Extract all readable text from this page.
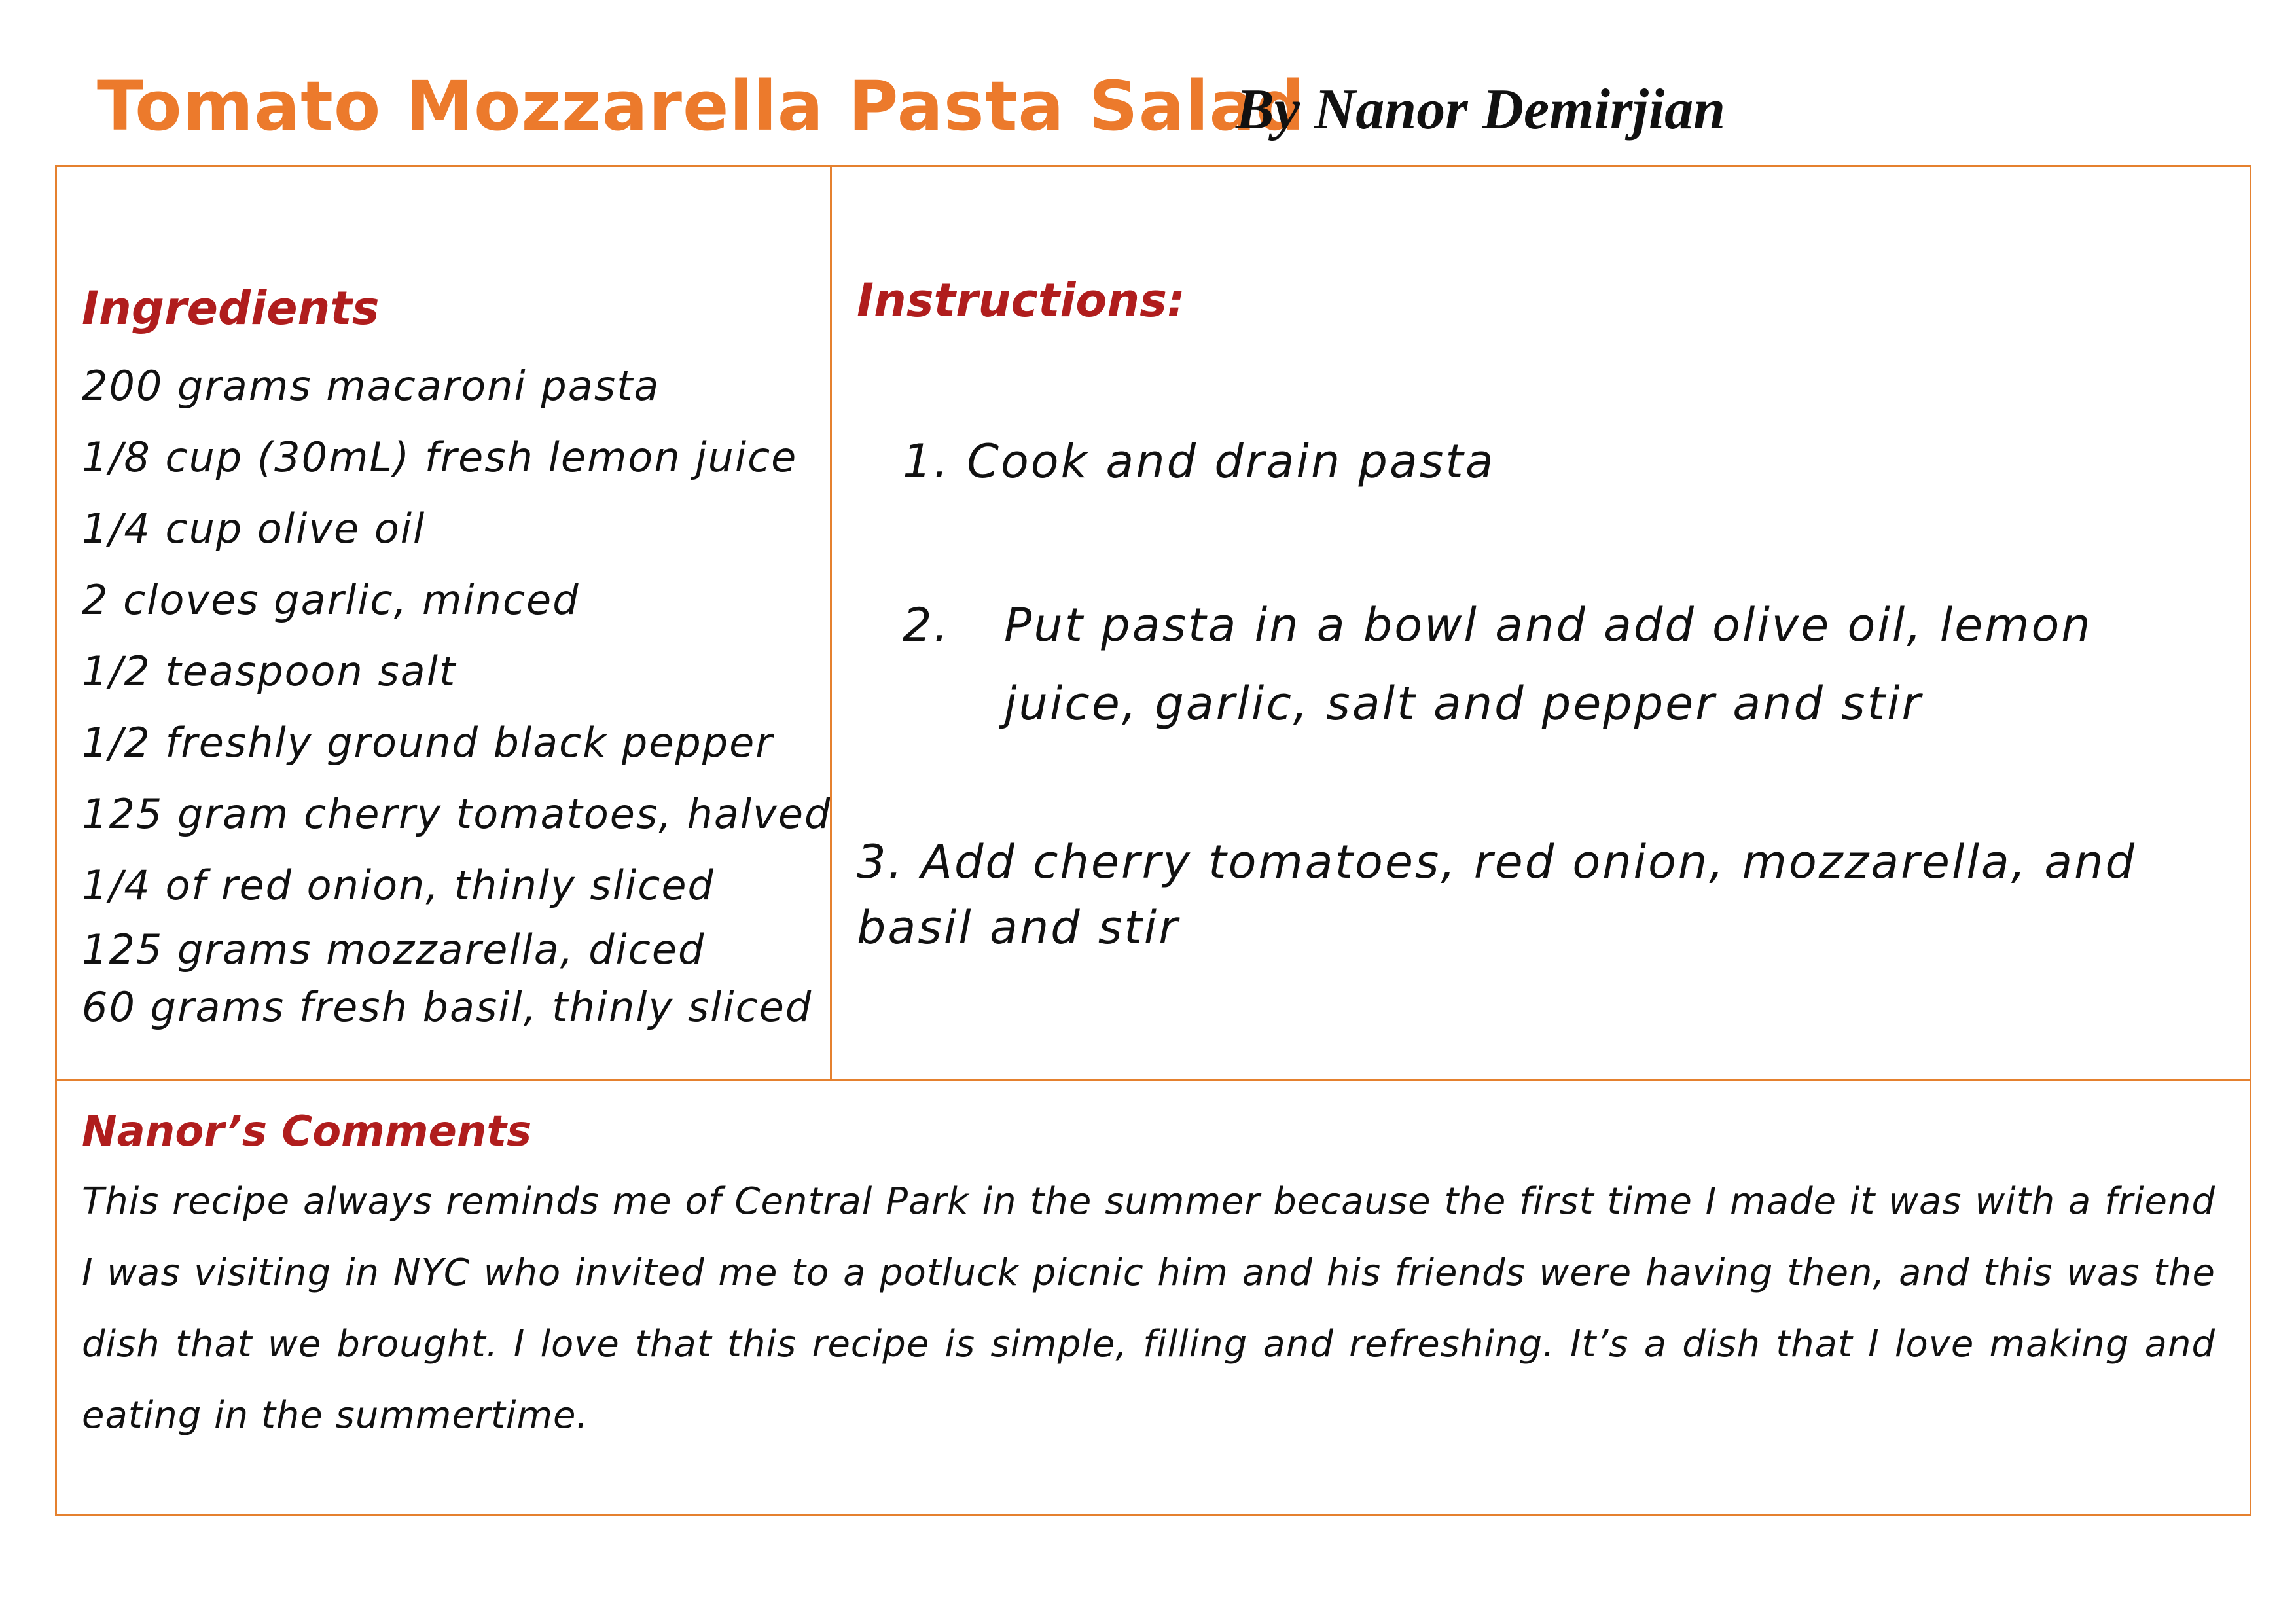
Tomato Mozzarella Pasta Salad
By Nanor Demirjian
Ingredients
200 grams macaroni pasta
1/8 cup (30mL) fresh lemon juice
1/4 cup olive oil
2 cloves garlic, minced
1/2 teaspoon salt
1/2 freshly ground black pepper
125 gram cherry tomatoes, halved
1/4 of red onion, thinly sliced
125 grams mozzarella, diced
60 grams fresh basil, thinly sliced
Instructions:
1. Cook and drain pasta
2. Put pasta in a bowl and add olive oil, lemon juice, garlic, salt and pepper and stir
3. Add cherry tomatoes, red onion, mozzarella, and basil and stir
Nanor’s Comments
This recipe always reminds me of Central Park in the summer because the first time I made it was with a friend I was visiting in NYC who invited me to a potluck picnic him and his friends were having then, and this was the dish that we brought. I love that this recipe is simple, filling and refreshing. It’s a dish that I love making and eating in the summertime.
